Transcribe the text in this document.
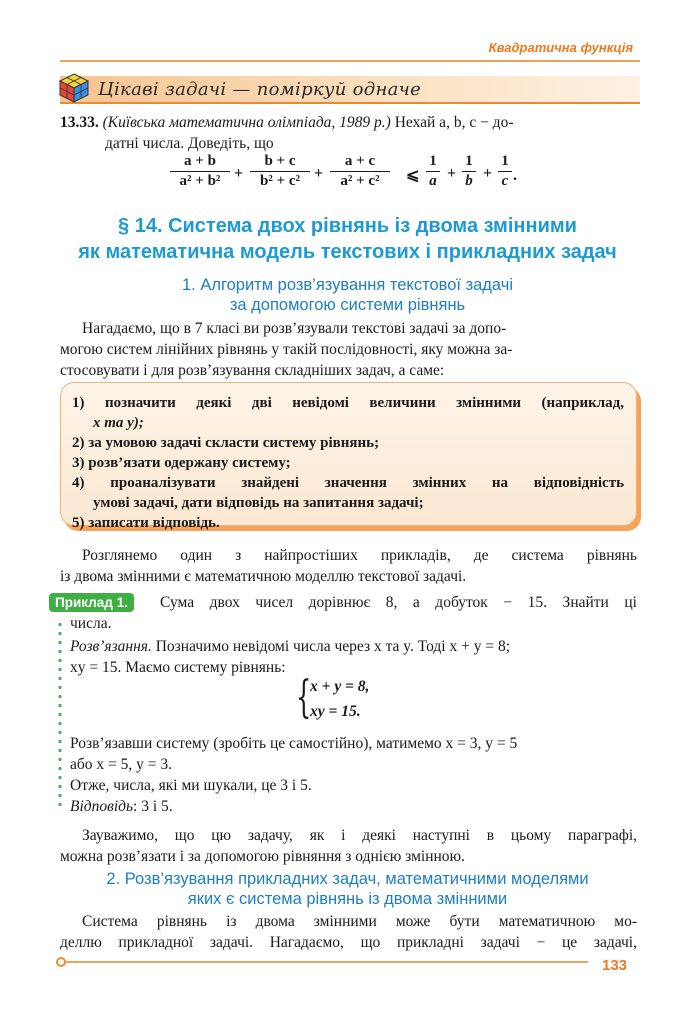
Квадратична функція
Цікаві задачі — поміркуй одначе

13.33. (Київська математична олімпіада, 1989 р.) Нехай a, b, c − до-

датні числа. Доведіть, що

$\frac{a + b}{\text{a² + b²}} + \frac{b + c}{\text{b² + c²}} + \frac{a + c}{\text{a² + c²}}$ ⩽ $\frac{1}{a} + \frac{1}{b} + \frac{1}{c}$ .
§ 14. Система двох рівнянь із двома змінними
як математична модель текстових і прикладних задач
1. Алгоритм розв’язування текстової задачі
за допомогою системи рівнянь

Нагадаємо, що в 7 класі ви розв’язували текстові задачі за допо-

могою систем лінійних рівнянь у такій послідовності, яку можна за-

стосовувати і для розв’язування складніших задач, а саме:

1) позначити деякі дві невідомі величини змінними (наприклад,
x та y);
2) за умовою задачі скласти систему рівнянь;
3) розв’язати одержану систему;
4) проаналізувати знайдені значення змінних на відповідність
умові задачі, дати відповідь на запитання задачі;
5) записати відповідь.

Розглянемо один з найпростіших прикладів, де система рівнянь

із двома змінними є математичною моделлю текстової задачі.

Приклад 1.	Сума двох чисел дорівнює 8, а добуток − 15. Знайти ці

числа.

Розв’язання. Позначимо невідомі числа через x та y. Тоді x + y = 8;

xy = 15. Маємо систему рівнянь:

{
x + y = 8,
xy = 15.

Розв’язавши систему (зробіть це самостійно), матимемо x = 3, y = 5

або x = 5, y = 3.

Отже, числа, які ми шукали, це 3 і 5.

Відповідь: 3 і 5.

Зауважимо, що цю задачу, як і деякі наступні в цьому параграфі,

можна розв’язати і за допомогою рівняння з однією змінною.

2. Розв’язування прикладних задач, математичними моделями
яких є система рівнянь із двома змінними

Система рівнянь із двома змінними може бути математичною мо-

деллю прикладної задачі. Нагадаємо, що прикладні задачі − це задачі,

133
